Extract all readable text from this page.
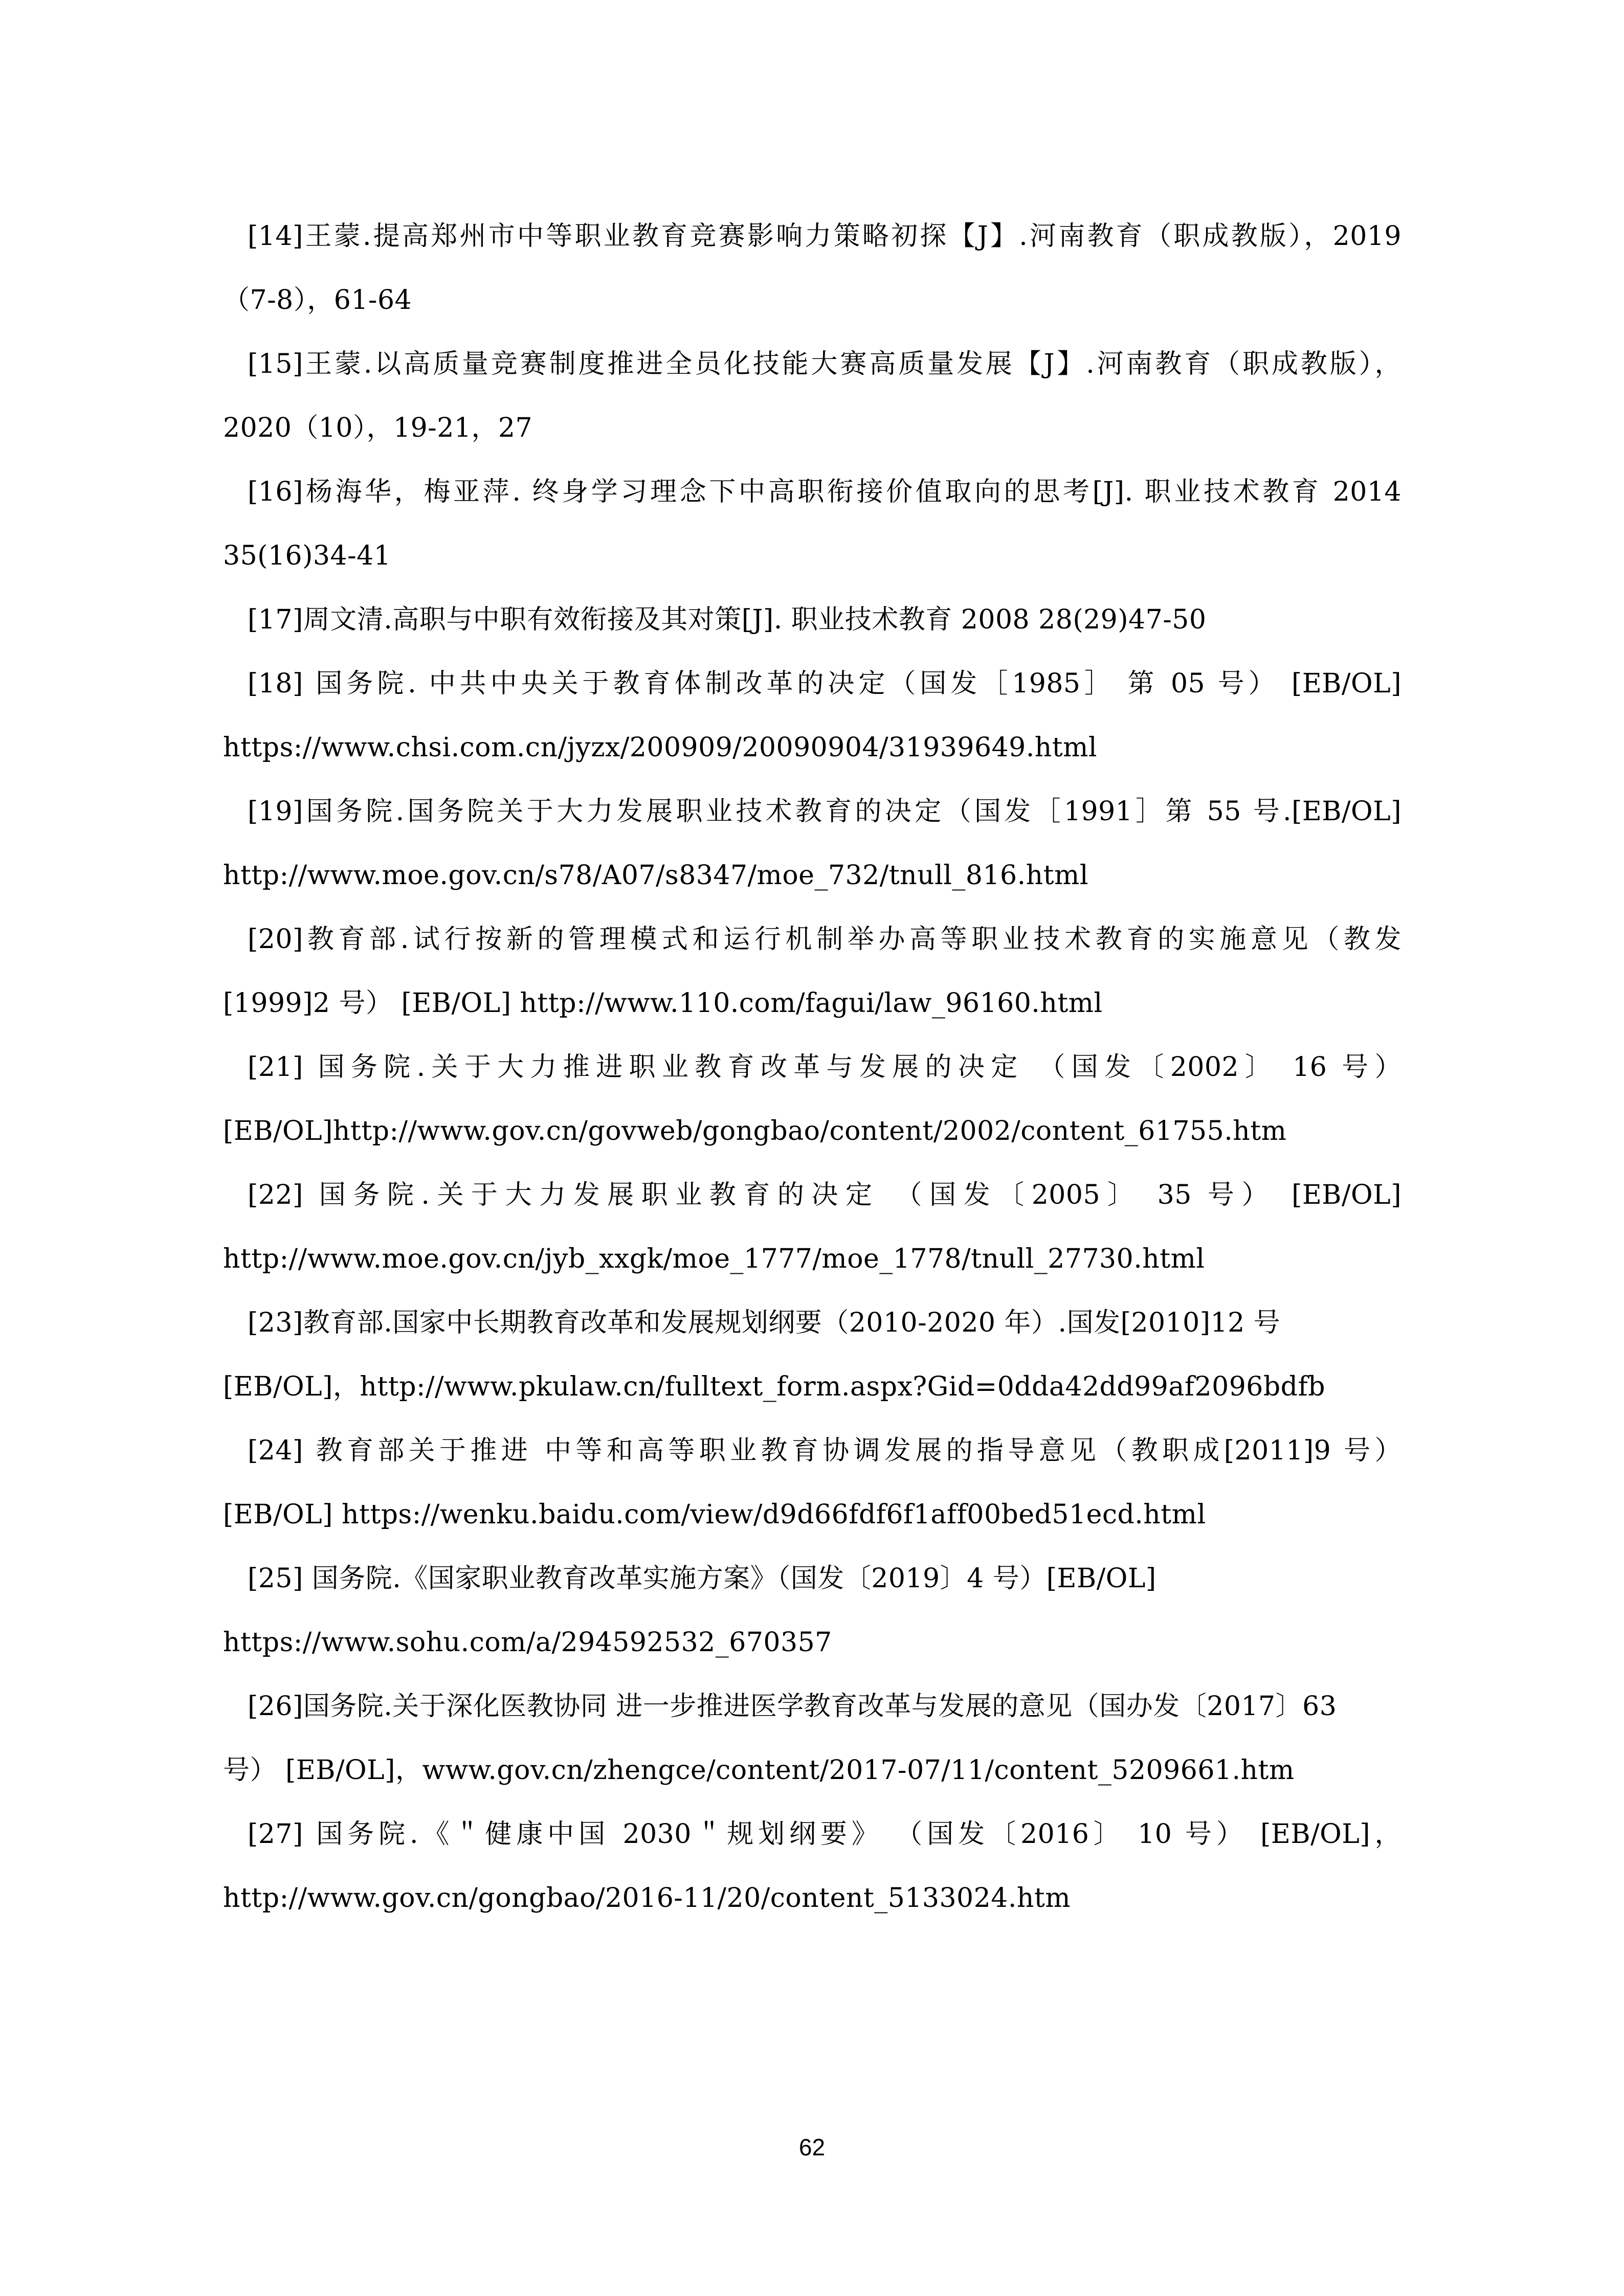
[14]王蒙.提高郑州市中等职业教育竞赛影响力策略初探【J】.河南教育（职成教版），2019
（7-8），61-64
[15]王蒙.以高质量竞赛制度推进全员化技能大赛高质量发展【J】.河南教育（职成教版），
2020（10），19-21，27
[16]杨海华，梅亚萍. 终身学习理念下中高职衔接价值取向的思考[J]. 职业技术教育 2014
35(16)34-41
[17]周文清.高职与中职有效衔接及其对策[J]. 职业技术教育 2008 28(29)47-50
[18] 国务院. 中共中央关于教育体制改革的决定（国发［1985］ 第 05 号） [EB/OL]
https://www.chsi.com.cn/jyzx/200909/20090904/31939649.html
[19]国务院.国务院关于大力发展职业技术教育的决定（国发［1991］第 55 号.[EB/OL]
http://www.moe.gov.cn/s78/A07/s8347/moe_732/tnull_816.html
[20]教育部.试行按新的管理模式和运行机制举办高等职业技术教育的实施意见（教发
[1999]2 号） [EB/OL] http://www.110.com/fagui/law_96160.html
[21] 国务院.关于大力推进职业教育改革与发展的决定 （国发〔2002〕 16 号）
[EB/OL]http://www.gov.cn/govweb/gongbao/content/2002/content_61755.htm
[22] 国务院.关于大力发展职业教育的决定 （国发〔2005〕 35 号） [EB/OL]
http://www.moe.gov.cn/jyb_xxgk/moe_1777/moe_1778/tnull_27730.html
[23]教育部.国家中长期教育改革和发展规划纲要（2010-2020 年）.国发[2010]12 号
[EB/OL]，http://www.pkulaw.cn/fulltext_form.aspx?Gid=0dda42dd99af2096bdfb
[24] 教育部关于推进 中等和高等职业教育协调发展的指导意见（教职成[2011]9 号）
[EB/OL] https://wenku.baidu.com/view/d9d66fdf6f1aff00bed51ecd.html
[25] 国务院.《国家职业教育改革实施方案》（国发〔2019〕4 号）[EB/OL]
https://www.sohu.com/a/294592532_670357
[26]国务院.关于深化医教协同 进一步推进医学教育改革与发展的意见（国办发〔2017〕63
号） [EB/OL]，www.gov.cn/zhengce/content/2017-07/11/content_5209661.htm
[27] 国务院.《＂健康中国 2030＂规划纲要》 （国发〔2016〕 10 号） [EB/OL]，
http://www.gov.cn/gongbao/2016-11/20/content_5133024.htm
62
